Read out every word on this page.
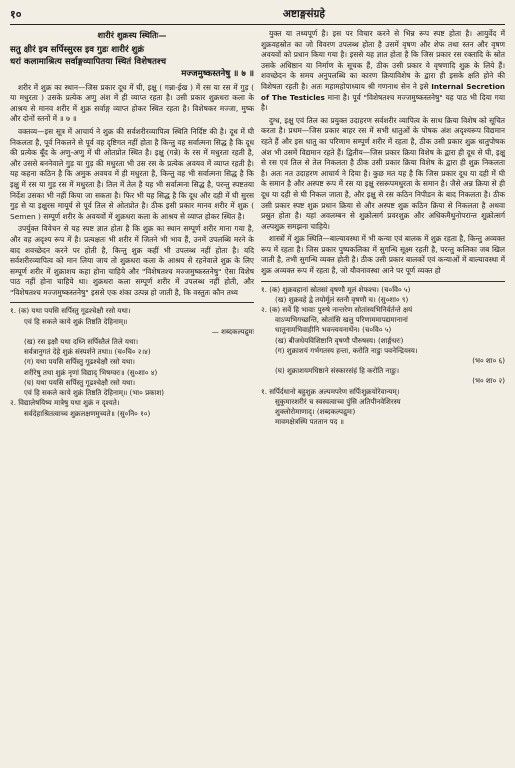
१०	अष्टाङ्गसंग्रहे
शारीरं शुक्रस्य स्थितिः—
सतु क्षीरं इव सर्पिस्सुरस इव गुडः शारीरं शुक्रं
धरां कलामाश्रित्य सर्वाङ्गव्यापितया स्थितं विशेषतश्च
मज्जमुष्कस्तनेषु ॥ ७ ॥

शरीर में शुक्र का स्थान—जिस प्रकार दूध में घी, इक्षु ( गन्ना-ईख ) में रस या रस में गुड़ ( या मधुरता ) उसके प्रत्येक अणु अंश में ही व्याप्त रहता है। उसी प्रकार शुक्रधरा कला के आश्रय से मानव शरीर में शुक्र सर्वाङ्ग व्याप्त होकर स्थित रहता है। विशेषकर मज्जा, मुष्क और दोनों स्तनों में ॥ ७ ॥

वक्तव्य—इस सूत्र में आचार्य ने शुक्र की सर्वशरीरव्यापित्व स्थिति निर्दिष्ट की है। दूध में घी निकलता है, पूर्व निकलने से पूर्व वह दृष्टिगत नहीं होता है किन्तु वह सर्वात्मना सिद्ध है कि दूध की प्रत्येक बूँद के अणु-अणु में घी ओतप्रोत स्थित है। इक्षु (गन्ने) के रस में मधुरता रहती है, और उससे बननेवाले गुड़ या गुड़ की मधुरता भी उस रस के प्रत्येक अवयव में व्याप्त रहती है। यह कहना कठिन है कि अमुक अवयव में ही मधुरता है, किन्तु वह भी सर्वात्मना सिद्ध है कि इक्षु में रस या गुड़ रस में मधुरता है। तिल में तेल है यह भी सर्वात्मना सिद्ध है, परन्तु स्पष्टतया निर्देश उसका भी नहीं किया जा सकता है। फिर भी यह सिद्ध है कि दूध और दही में घी सुरस गुड़ से या इक्षुरस मायूर्य से पूर्व तिल से ओतप्रोत है। ठीक इसी प्रकार मानव शरीर में शुक्र ( Semen ) सम्पूर्ण शरीर के अवयवों में शुक्रधरा कला के आश्रय से व्याप्त होकर स्थित है।

उपर्युक्त विवेचन से यह स्पष्ट ज्ञात होता है कि शुक्र का स्थान सम्पूर्ण शरीर माना गया है, और वह अदृश्य रूप में है। प्रत्यक्षतः भी शरीर में जितने भी भाव हैं, उनमें उपलब्धि मरने के बाद शवच्छेदन करने पर होती है, किन्तु शुक्र कहीं भी उपलब्ध नहीं होता है। यदि सर्वशरीरव्यापित्व को मान लिया जाय तो शुक्रधरा कला के आश्रय से रहनेवाले शुक्र के लिए सम्पूर्ण शरीर में शुक्राशय कहा होना चाहिये और "विशेषतश्च मज्जमुष्कस्तनेषु" ऐसा विशेष पाठ नहीं होना चाहिये था। शुक्रधरा कला सम्पूर्ण शरीर में उपलब्ध नहीं होती, और "विशेषतश्च मज्जमुष्कस्तनेषु" इससे एक शंका उत्पन्न हो जाती है, कि वस्तुतः कौन तथ्य

१. (क) यथा पयसि सर्पिस्तु गूढश्चेक्षौ रसो यथा।
एवं हि सकले काये शुक्रं तिष्ठति देहिनाम्॥
— शब्दकल्पद्रुमः
(ख) रस इक्षौ यथा दध्नि सर्पिस्तैलं तिले यथा।
सर्वत्रानुगतं देहे शुक्रं संस्पर्शने तथा॥ (च०चि० २।४)
(ग) यथा पयसि सर्पिस्तु गूढश्चेक्षौ रसो यथा।
शरीरेषु तथा शुक्रं नृणां विद्याद् भिषग्वरः॥ (सु०शा० ४)
(घ) यथा पयसि सर्पिस्तु गूढश्चेक्षौ रसो यथा।
एवं हि सकले काये शुक्रं तिष्ठति देहिनाम्॥ (भा० प्रकाश)
२. विद्यालेषयिष्य मात्रेषु यथा शुक्रं न दृश्यते।
सर्वदेहाश्रितत्वाच्च शुक्रलक्षणमुच्यते॥ (सु०नि० १०)

युक्त या तथ्यपूर्ण है। इस पर विचार करने से भिन्न रूप स्पष्ट होता है। आयुर्वेद में शुक्रवहस्रोत का जो विवरण उपलब्ध होता है उसमें वृषण और शेफ तथा स्तन और वृषण अवयवों को प्रधान किया गया है। इससे यह ज्ञात होता है कि जिस प्रकार रस रक्तादि के स्रोत उसके अधिष्ठान या निर्माण के सूचक हैं, ठीक उसी प्रकार ये वृषणादि शुक्र के लिये हैं। शवच्छेदन के समय अनुपलब्धि का कारण क्रियाविशेष के द्वारा ही इसके क्षति होने की विशेषता रहती है। अतः महामहोपाध्याय श्री गणनाथ सेन ने इसे Internal Secretion of The Testicles माना है। पूर्व "विशेषतश्च मज्जमुष्कस्तनेषु" यह पाठ भी दिया गया है।

दुग्ध, इक्षु एवं तिल का प्रयुक्त उदाहरण सर्वशरीर व्यापित्व के साथ क्रिया विशेष को सूचित करता है। प्रथम—जिस प्रकार बाहर रस में सभी धातुओं के पोषक अंश अदृश्यरूप विद्यमान रहते हैं और इस धातु का परिणाम सम्पूर्ण शरीर में रहता है, ठीक उसी प्रकार शुक्र धातुपोषक अंश भी उसमें विद्यमान रहते हैं। द्वितीय—जिस प्रकार क्रिया विशेष के द्वारा ही दूध से घी, इक्षु से रस एवं तिल से तेल निकलता है ठीक उसी प्रकार क्रिया विशेष के द्वारा ही शुक्र निकलता है। अतः नत उदाहरण आचार्य ने दिया है। कुछ मत यह है कि जिस प्रकार दूध या दही में घी के समान है और अस्पष्ट रूप में रस या इक्षु रसरूपमधुरता के समान है। जैसे अन्न क्रिया से ही दूध या दही से घी निकल जाता है, और इक्षु से रस कठिन निपीडन के बाद निकलता है। ठीक उसी प्रकार स्पष्ट शुक्र प्रधान क्रिया से और अस्पष्ट शुक्र कठिन क्रिया से निकलता है अथवा प्रस्रुत होता है। यहां अवलम्बन से शुक्रोत्सर्ग प्रवरशुक्र और अधिकमैथुनोपरान्त शुक्रोत्सर्ग अल्पशुक्र समझना चाहिये।

शास्त्रों में शुक्र स्थिति—बाल्यावस्था में भी कन्या एवं बालक में शुक्र रहता है, किन्तु अव्यक्त रूप में रहता है। जिस प्रकार पुष्पकलिका में सुगन्धि सूक्ष्म रहती है, परन्तु कलिका जब खिल जाती है, तभी सुगन्धि व्यक्त होती है। ठीक उसी प्रकार बालकों एवं कन्याओं में बाल्यावस्था में शुक्र अव्यक्त रूप में रहता है, जो यौवनावस्था आने पर पूर्ण व्यक्त हो

१. (क) शुक्रवहानां स्रोतसां वृषणौ मूलं शेफश्च। (च०वि० ५)
(ख) शुक्रवहे द्वे तयोर्मूलं स्तनौ वृषणौ च। (सु०शा० ९)
२. (क) सर्वे हि भावाः पुरुषे नान्तरेण सोतांस्यभिनिर्वर्तन्ते क्षयं
वाऽप्यभिगच्छन्ति, स्रोतांसि खलु परिणाममापद्यमानानां
धातूनामभिवाहीनि भवन्त्ययनार्थेन। (च०वि० ५)
(ख) बीजधेयविशिष्टानि वृषणौ पौरुषस्य। (शार्ङ्गधरः)
(ग) शुक्राशयं गर्भगतस्य हन्ता, करोति नाडुः पवनेन्द्रियस्य।
(भ० शा० ६)
(घ) शुक्राशयमधिष्ठाने संस्कारसंहं हि करोति नाडुः।
(भ० शा० २)
१. सर्पिर्दधानो बहुशुक्र अल्पमपरेण सर्पिःशुक्रयोरेवान्यम्।
सुकुमारशरीरं च स्वस्वत्वाच्च पुंसि अतिपीनवेशिरस्य
शुक्लोरोमाणाद्। (शब्दकल्पद्रुमः)
मावमक्षेत्रस्थि पततान पद ॥
